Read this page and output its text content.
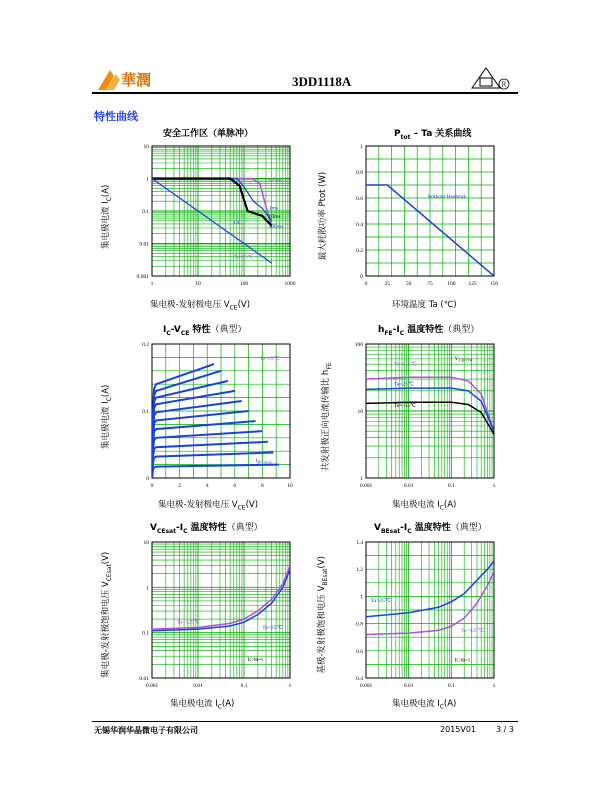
華潤	3DD1118A	R
特性曲线
安全工作区（单脉冲）
1	10	100	1000
0.001
0.01
0.1
1
10
100μs
1ms
10ms
100ms
DC
Ta=25℃
集电极-发射极电压 $V_{CE}(V)$
集电极电流 $I_C(A)$
$P_{tot}$ – Ta 关系曲线
0	25	50	75	100 125 150
0
0.2
0.4
0.6
0.8
1
Without Heatsink
环境温度 Ta (℃)
最大耗散功率 Ptot (W)
$I_C-V_{CE}$ 特性（典型）
0	2	4	6	8	10
0
0.1
0.2
Ta=25℃
$I_{B=1mA}$
集电极-发射极电压 $V_{CE}(V)$
集电极电流 $I_C(A)$
$h_{FE}-I_C$ 温度特性（典型）
0.001	0.01	0.1	1
1
10
100
$V_{CE=5V}$
Ta=125℃
Ta=25℃
Ta=-55℃
集电极电流 $I_C(A)$
共发射极正向电流传输比 $h_{FE}$
$V_{CEsat}-I_C$ 温度特性（典型）
0.001	0.01	0.1	1
0.01
0.1
1
10
Ta=125℃
Ta=25℃
IC/IB=5
集电极电流 $I_C(A)$
集电极-发射极饱和电压 $V_{CEsat}(V)$
$V_{BEsat}-I_C$ 温度特性（典型）
0.001	0.01	0.1	1
0.4
0.6
0.8
1
1.2
1.4
Ta=25℃
Ta=125℃
IC/IB=5
集电极电流 $I_C(A)$
基极-发射极饱和电压 $V_{BEsat}(V)$
无锡华润华晶微电子有限公司	2015V01 3 / 3
